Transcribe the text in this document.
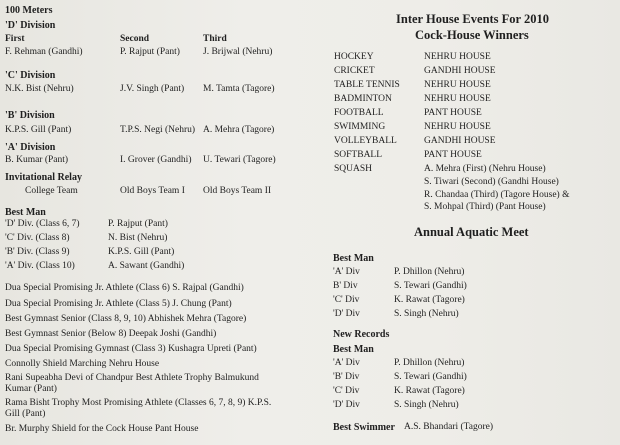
100 Meters
'D' Division
First	Second	Third
F. Rehman (Gandhi)	P. Rajput (Pant) J. Brijwal (Nehru)
'C' Division
N.K. Bist (Nehru)	J.V. Singh (Pant) M. Tamta (Tagore)
'B' Division
K.P.S. Gill (Pant)	T.P.S. Negi (Nehru) A. Mehra (Tagore)
'A' Division
B. Kumar (Pant)	I. Grover (Gandhi) U. Tewari (Tagore)
Invitational Relay
College Team	Old Boys Team I Old Boys Team II
Best Man
'D' Div. (Class 6, 7)	P. Rajput (Pant)
'C' Div. (Class 8)	N. Bist (Nehru)
'B' Div. (Class 9)	K.P.S. Gill (Pant)
'A' Div. (Class 10)	A. Sawant (Gandhi)
Dua Special Promising Jr. Athlete (Class 6) S. Rajpal (Gandhi)
Dua Special Promising Jr. Athlete (Class 5) J. Chung (Pant)
Best Gymnast Senior (Class 8, 9, 10) Abhishek Mehra (Tagore)
Best Gymnast Senior (Below 8) Deepak Joshi (Gandhi)
Dua Special Promising Gymnast (Class 3) Kushagra Upreti (Pant)
Connolly Shield Marching Nehru House
Rani Supeabha Devi of Chandpur Best Athlete Trophy Balmukund
Kumar (Pant)
Rama Bisht Trophy Most Promising Athlete (Classes 6, 7, 8, 9) K.P.S.
Gill (Pant)
Br. Murphy Shield for the Cock House Pant House
Inter House Events For 2010
Cock-House Winners
HOCKEY	NEHRU HOUSE
CRICKET	GANDHI HOUSE
TABLE TENNIS	NEHRU HOUSE
BADMINTON	NEHRU HOUSE
FOOTBALL	PANT HOUSE
SWIMMING	NEHRU HOUSE
VOLLEYBALL	GANDHI HOUSE
SOFTBALL	PANT HOUSE
SQUASH	A. Mehra (First) (Nehru House)
S. Tiwari (Second) (Gandhi House)
R. Chandaa (Third) (Tagore House) &
S. Mohpal (Third) (Pant House)
Annual Aquatic Meet
Best Man
'A' Div	P. Dhillon (Nehru)
B' Div	S. Tewari (Gandhi)
'C' Div	K. Rawat (Tagore)
'D' Div	S. Singh (Nehru)
New Records
Best Man
'A' Div	P. Dhillon (Nehru)
'B' Div	S. Tewari (Gandhi)
'C' Div	K. Rawat (Tagore)
'D' Div	S. Singh (Nehru)
Best Swimmer A.S. Bhandari (Tagore)
